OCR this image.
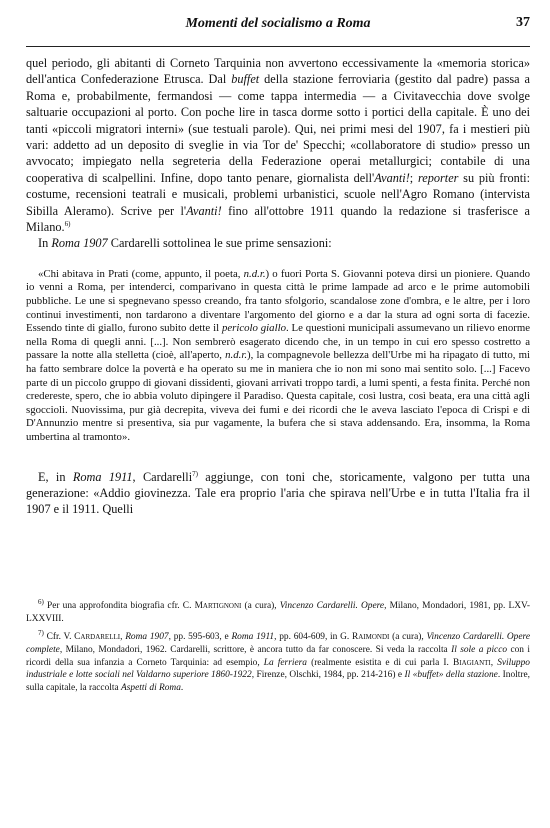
Momenti del socialismo a Roma	37

quel periodo, gli abitanti di Corneto Tarquinia non avvertono eccessivamente la «memoria storica» dell'antica Confederazione Etrusca. Dal buffet della stazione ferroviaria (gestito dal padre) passa a Roma e, probabilmente, fermandosi — come tappa intermedia — a Civitavecchia dove svolge saltuarie occupazioni al porto. Con poche lire in tasca dorme sotto i portici della capitale. È uno dei tanti «piccoli migratori interni» (sue testuali parole). Qui, nei primi mesi del 1907, fa i mestieri più vari: addetto ad un deposito di sveglie in via Tor de' Specchi; «collaboratore di studio» presso un avvocato; impiegato nella segreteria della Federazione operai metallurgici; contabile di una cooperativa di scalpellini. Infine, dopo tanto penare, giornalista dell'Avanti!; reporter su più fronti: costume, recensioni teatrali e musicali, problemi urbanistici, scuole nell'Agro Romano (intervista Sibilla Aleramo). Scrive per l'Avanti! fino all'ottobre 1911 quando la redazione si trasferisce a Milano.$^{6)}$

In Roma 1907 Cardarelli sottolinea le sue prime sensazioni:

«Chi abitava in Prati (come, appunto, il poeta, n.d.r.) o fuori Porta S. Giovanni poteva dirsi un pioniere. Quando io venni a Roma, per intenderci, comparivano in questa città le prime lampade ad arco e le prime automobili pubbliche. Le une si spegnevano spesso creando, fra tanto sfolgorio, scandalose zone d'ombra, e le altre, per i loro continui investimenti, non tardarono a diventare l'argomento del giorno e a dar la stura ad ogni sorta di facezie. Essendo tinte di giallo, furono subito dette il pericolo giallo. Le questioni municipali assumevano un rilievo enorme nella Roma di quegli anni. [...]. Non sembrerò esagerato dicendo che, in un tempo in cui ero spesso costretto a passare la notte alla stelletta (cioè, all'aperto, n.d.r.), la compagnevole bellezza dell'Urbe mi ha ripagato di tutto, mi ha fatto sembrare dolce la povertà e ha operato su me in maniera che io non mi sono mai sentito solo. [...] Facevo parte di un piccolo gruppo di giovani dissidenti, giovani arrivati troppo tardi, a lumi spenti, a festa finita. Perché non credereste, spero, che io abbia voluto dipingere il Paradiso. Questa capitale, così lustra, così beata, era una città agli sgoccioli. Nuovissima, pur già decrepita, viveva dei fumi e dei ricordi che le aveva lasciato l'epoca di Crispi e di D'Annunzio mentre si presentiva, sia pur vagamente, la bufera che si stava addensando. Era, insomma, la Roma umbertina al tramonto».

E, in Roma 1911, Cardarelli$^{7)}$ aggiunge, con toni che, storicamente, valgono per tutta una generazione: «Addio giovinezza. Tale era proprio l'aria che spirava nell'Urbe e in tutta l'Italia fra il 1907 e il 1911. Quelli

$^{6)}$ Per una approfondita biografia cfr. C. Martignoni (a cura), Vincenzo Cardarelli. Opere, Milano, Mondadori, 1981, pp. LXV-LXXVIII.

$^{7)}$ Cfr. V. Cardarelli, Roma 1907, pp. 595-603, e Roma 1911, pp. 604-609, in G. Raimondi (a cura), Vincenzo Cardarelli. Opere complete, Milano, Mondadori, 1962. Cardarelli, scrittore, è ancora tutto da far conoscere. Si veda la raccolta Il sole a picco con i ricordi della sua infanzia a Corneto Tarquinia: ad esempio, La ferriera (realmente esistita e di cui parla I. Biagianti, Sviluppo industriale e lotte sociali nel Valdarno superiore 1860-1922, Firenze, Olschki, 1984, pp. 214-216) e Il «buffet» della stazione. Inoltre, sulla capitale, la raccolta Aspetti di Roma.
